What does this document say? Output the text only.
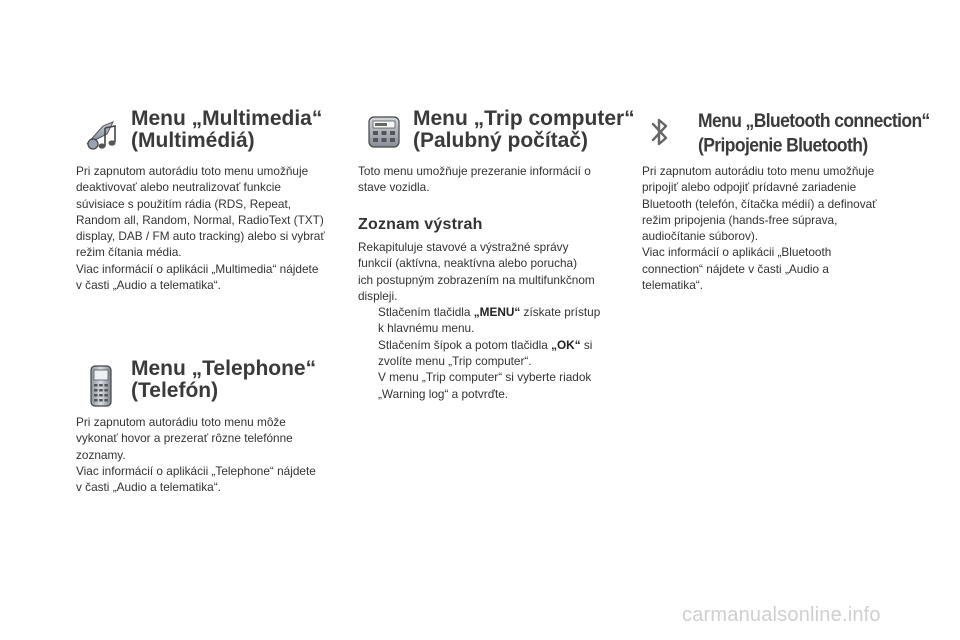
Menu „Multimedia“
(Multimédiá)

Pri zapnutom autorádiu toto menu umožňuje

deaktivovať alebo neutralizovať funkcie

súvisiace s použitím rádia (RDS, Repeat,

Random all, Random, Normal, RadioText (TXT)

display, DAB / FM auto tracking) alebo si vybrať

režim čítania média.

Viac informácií o aplikácii „Multimedia“ nájdete

v časti „Audio a telematika“.

Menu „Telephone“
(Telefón)

Pri zapnutom autorádiu toto menu môže

vykonať hovor a prezerať rôzne telefónne

zoznamy.

Viac informácií o aplikácii „Telephone“ nájdete

v časti „Audio a telematika“.

Menu „Trip computer“
(Palubný počítač)

Toto menu umožňuje prezeranie informácií o

stave vozidla.

Zoznam výstrah

Rekapituluje stavové a výstražné správy

funkcií (aktívna, neaktívna alebo porucha)

ich postupným zobrazením na multifunkčnom

displeji.

Stlačením tlačidla „MENU“ získate prístup

k hlavnému menu.

Stlačením šípok a potom tlačidla „OK“ si

zvolíte menu „Trip computer“.

V menu „Trip computer“ si vyberte riadok

„Warning log“ a potvrďte.

Menu „Bluetooth connection“
(Pripojenie Bluetooth)

Pri zapnutom autorádiu toto menu umožňuje

pripojiť alebo odpojiť prídavné zariadenie

Bluetooth (telefón, čítačka médií) a definovať

režim pripojenia (hands-free súprava,

audiočítanie súborov).

Viac informácií o aplikácii „Bluetooth

connection“ nájdete v časti „Audio a

telematika“.

carmanualsonline.info
